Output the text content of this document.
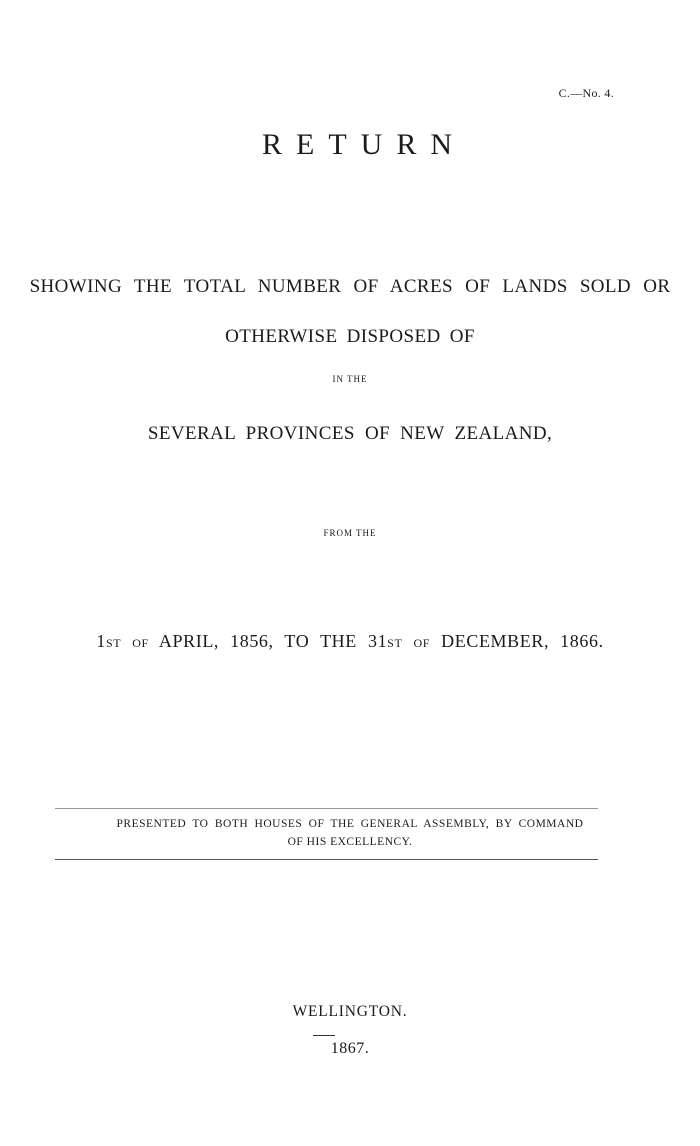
C.—No. 4.
RETURN
SHOWING THE TOTAL NUMBER OF ACRES OF LANDS SOLD OR
OTHERWISE DISPOSED OF
IN THE
SEVERAL PROVINCES OF NEW ZEALAND,
FROM THE
1ST OF APRIL, 1856, TO THE 31ST OF DECEMBER, 1866.
PRESENTED TO BOTH HOUSES OF THE GENERAL ASSEMBLY, BY COMMAND
OF HIS EXCELLENCY.
WELLINGTON.
1867.
